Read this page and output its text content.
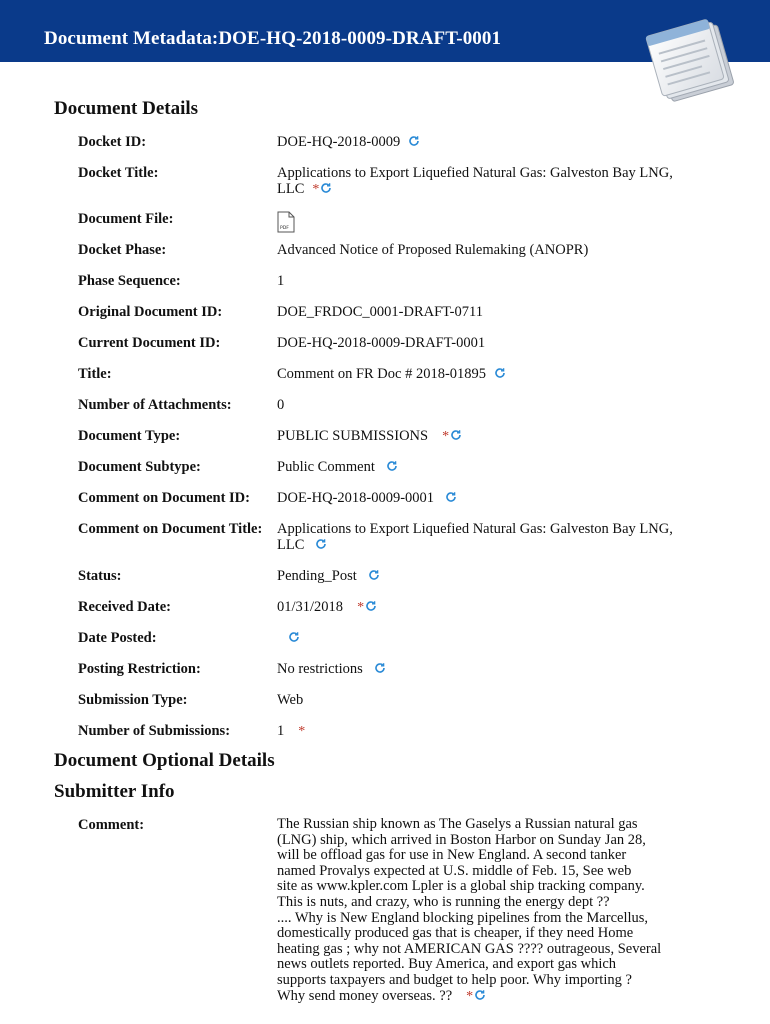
Document Metadata:DOE-HQ-2018-0009-DRAFT-0001
Document Details
Docket ID:	DOE-HQ-2018-0009
Docket Title:	Applications to Export Liquefied Natural Gas: Galveston Bay LNG, LLC *
Document File:
PDF
Docket Phase:	Advanced Notice of Proposed Rulemaking (ANOPR)
Phase Sequence:	1
Original Document ID:	DOE_FRDOC_0001-DRAFT-0711
Current Document ID:	DOE-HQ-2018-0009-DRAFT-0001
Title:	Comment on FR Doc # 2018-01895
Number of Attachments:	0
Document Type:	PUBLIC SUBMISSIONS *
Document Subtype:	Public Comment
Comment on Document ID: DOE-HQ-2018-0009-0001
Comment on Document Title: Applications to Export Liquefied Natural Gas: Galveston Bay LNG, LLC
Status:	Pending_Post
Received Date:	01/31/2018 *
Date Posted:
Posting Restriction:	No restrictions
Submission Type:	Web
Number of Submissions:	1 *
Document Optional Details
Submitter Info
Comment:	The Russian ship known as The Gaselys a Russian natural gas
(LNG) ship, which arrived in Boston Harbor on Sunday Jan 28,
will be offload gas for use in New England. A second tanker
named Provalys expected at U.S. middle of Feb. 15, See web
site as www.kpler.com Lpler is a global ship tracking company.
This is nuts, and crazy, who is running the energy dept ??
.... Why is New England blocking pipelines from the Marcellus,
domestically produced gas that is cheaper, if they need Home
heating gas ; why not AMERICAN GAS ???? outrageous, Several
news outlets reported. Buy America, and export gas which
supports taxpayers and budget to help poor. Why importing ?
Why send money overseas. ?? *
